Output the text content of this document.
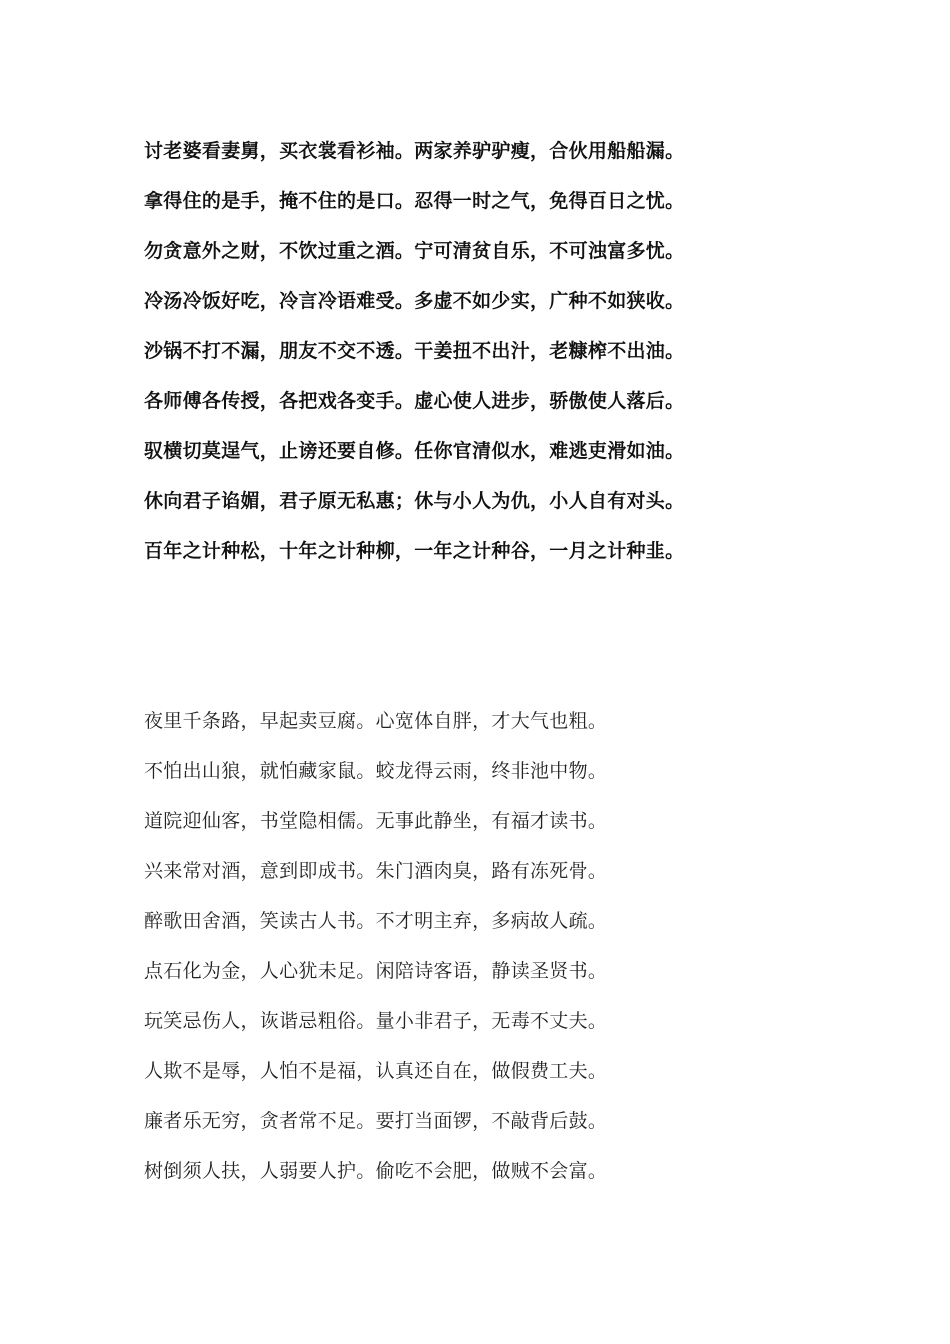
讨老婆看妻舅，买衣裳看衫袖。两家养驴驴瘦，合伙用船船漏。
拿得住的是手，掩不住的是口。忍得一时之气，免得百日之忧。
勿贪意外之财，不饮过重之酒。宁可清贫自乐，不可浊富多忧。
冷汤冷饭好吃，冷言冷语难受。多虚不如少实，广种不如狭收。
沙锅不打不漏，朋友不交不透。干姜扭不出汁，老糠榨不出油。
各师傅各传授，各把戏各变手。虚心使人进步，骄傲使人落后。
驭横切莫逞气，止谤还要自修。任你官清似水，难逃吏滑如油。
休向君子谄媚，君子原无私惠；休与小人为仇，小人自有对头。
百年之计种松，十年之计种柳，一年之计种谷，一月之计种韭。
夜里千条路，早起卖豆腐。心宽体自胖，才大气也粗。
不怕出山狼，就怕藏家鼠。蛟龙得云雨，终非池中物。
道院迎仙客，书堂隐相儒。无事此静坐，有福才读书。
兴来常对酒，意到即成书。朱门酒肉臭，路有冻死骨。
醉歌田舍酒，笑读古人书。不才明主弃，多病故人疏。
点石化为金，人心犹未足。闲陪诗客语，静读圣贤书。
玩笑忌伤人，诙谐忌粗俗。量小非君子，无毒不丈夫。
人欺不是辱，人怕不是福，认真还自在，做假费工夫。
廉者乐无穷，贪者常不足。要打当面锣，不敲背后鼓。
树倒须人扶，人弱要人护。偷吃不会肥，做贼不会富。
